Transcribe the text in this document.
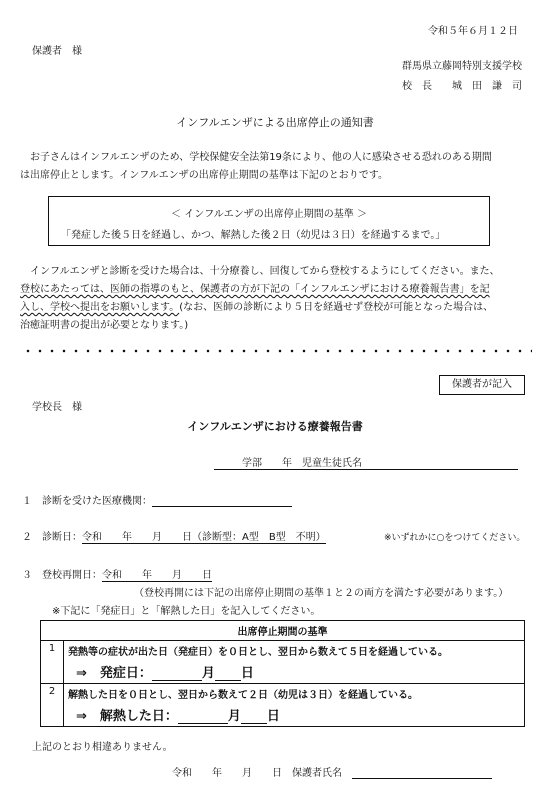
令和５年６月１２日
保護者　様
群馬県立藤岡特別支援学校
校　長　　城　田　謙　司
インフルエンザによる出席停止の通知書
お子さんはインフルエンザのため、学校保健安全法第19条により、他の人に感染させる恐れのある期間
は出席停止とします。インフルエンザの出席停止期間の基準は下記のとおりです。
＜ インフルエンザの出席停止期間の基準 ＞
「発症した後５日を経過し、かつ、解熱した後２日（幼児は３日）を経過するまで。」
インフルエンザと診断を受けた場合は、十分療養し、回復してから登校するようにしてください。また、
登校にあたっては、医師の指導のもと、保護者の方が下記の「インフルエンザにおける療養報告書」を記
入し、学校へ提出をお願いします。(なお、医師の診断により５日を経過せず登校が可能となった場合は、
治癒証明書の提出が必要となります。)
保護者が記入
学校長　様
インフルエンザにおける療養報告書
学部　　年　児童生徒氏名
１　診断を受けた医療機関：
２　診断日：令和　　年　　月　　日（診断型：A型　B型　不明）	※いずれかに○をつけてください。
３　登校再開日：令和　　年　　月　　日
（登校再開には下記の出席停止期間の基準１と２の両方を満たす必要があります。）
※下記に「発症日」と「解熱した日」を記入してください。
出席停止期間の基準	
1	発熱等の症状が出た日（発症日）を０日とし、翌日から数えて５日を経過している。
⇒　発症日： 月 日

2	解熱した日を０日とし、翌日から数えて２日（幼児は３日）を経過している。
⇒　解熱した日： 月 日
上記のとおり相違ありません。
令和　　年　　月　　日　 保護者氏名　
